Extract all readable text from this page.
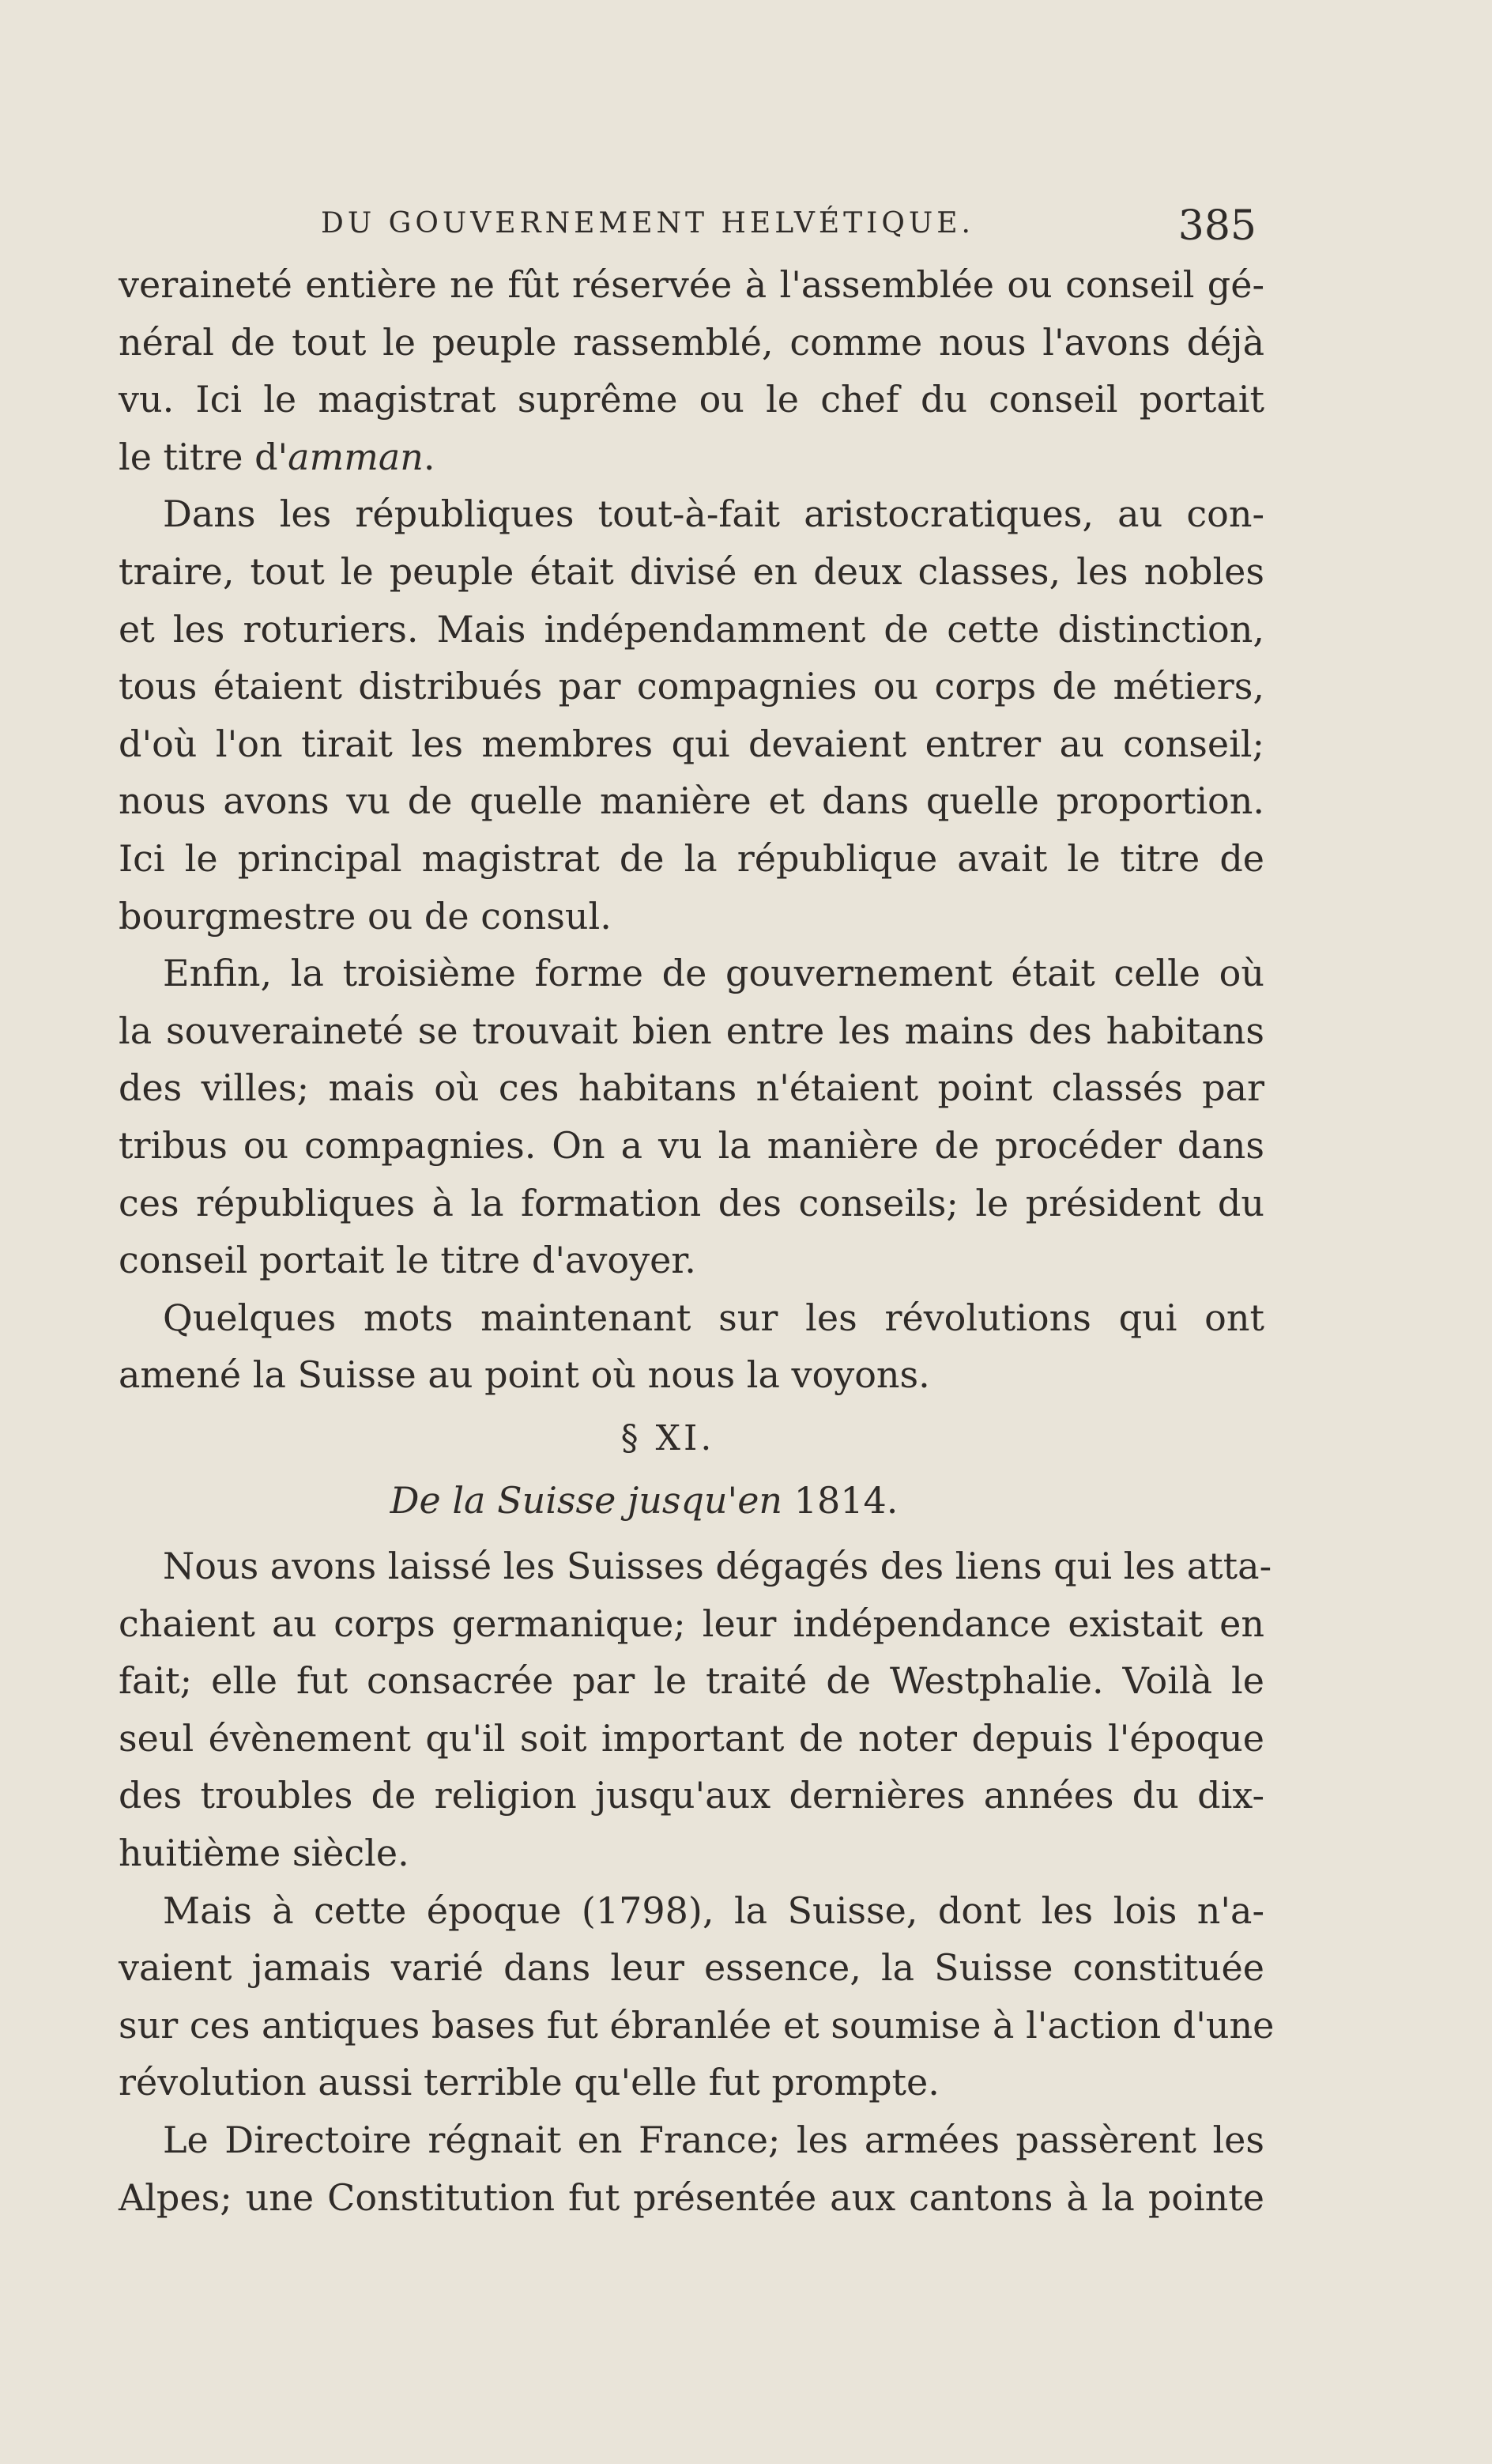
DU GOUVERNEMENT HELVÉTIQUE.	385

veraineté entière ne fût réservée à l'assemblée ou conseil gé-
néral de tout le peuple rassemblé, comme nous l'avons déjà
vu. Ici le magistrat suprême ou le chef du conseil portait
le titre d'amman.

Dans les républiques tout-à-fait aristocratiques, au con-
traire, tout le peuple était divisé en deux classes, les nobles
et les roturiers. Mais indépendamment de cette distinction,
tous étaient distribués par compagnies ou corps de métiers,
d'où l'on tirait les membres qui devaient entrer au conseil;
nous avons vu de quelle manière et dans quelle proportion.
Ici le principal magistrat de la république avait le titre de
bourgmestre ou de consul.

Enfin, la troisième forme de gouvernement était celle où
la souveraineté se trouvait bien entre les mains des habitans
des villes; mais où ces habitans n'étaient point classés par
tribus ou compagnies. On a vu la manière de procéder dans
ces républiques à la formation des conseils; le président du
conseil portait le titre d'avoyer.

Quelques mots maintenant sur les révolutions qui ont
amené la Suisse au point où nous la voyons.

§ XI.
De la Suisse jusqu'en 1814.

Nous avons laissé les Suisses dégagés des liens qui les atta-
chaient au corps germanique; leur indépendance existait en
fait; elle fut consacrée par le traité de Westphalie. Voilà le
seul évènement qu'il soit important de noter depuis l'époque
des troubles de religion jusqu'aux dernières années du dix-
huitième siècle.

Mais à cette époque (1798), la Suisse, dont les lois n'a-
vaient jamais varié dans leur essence, la Suisse constituée
sur ces antiques bases fut ébranlée et soumise à l'action d'une
révolution aussi terrible qu'elle fut prompte.

Le Directoire régnait en France; les armées passèrent les
Alpes; une Constitution fut présentée aux cantons à la pointe
